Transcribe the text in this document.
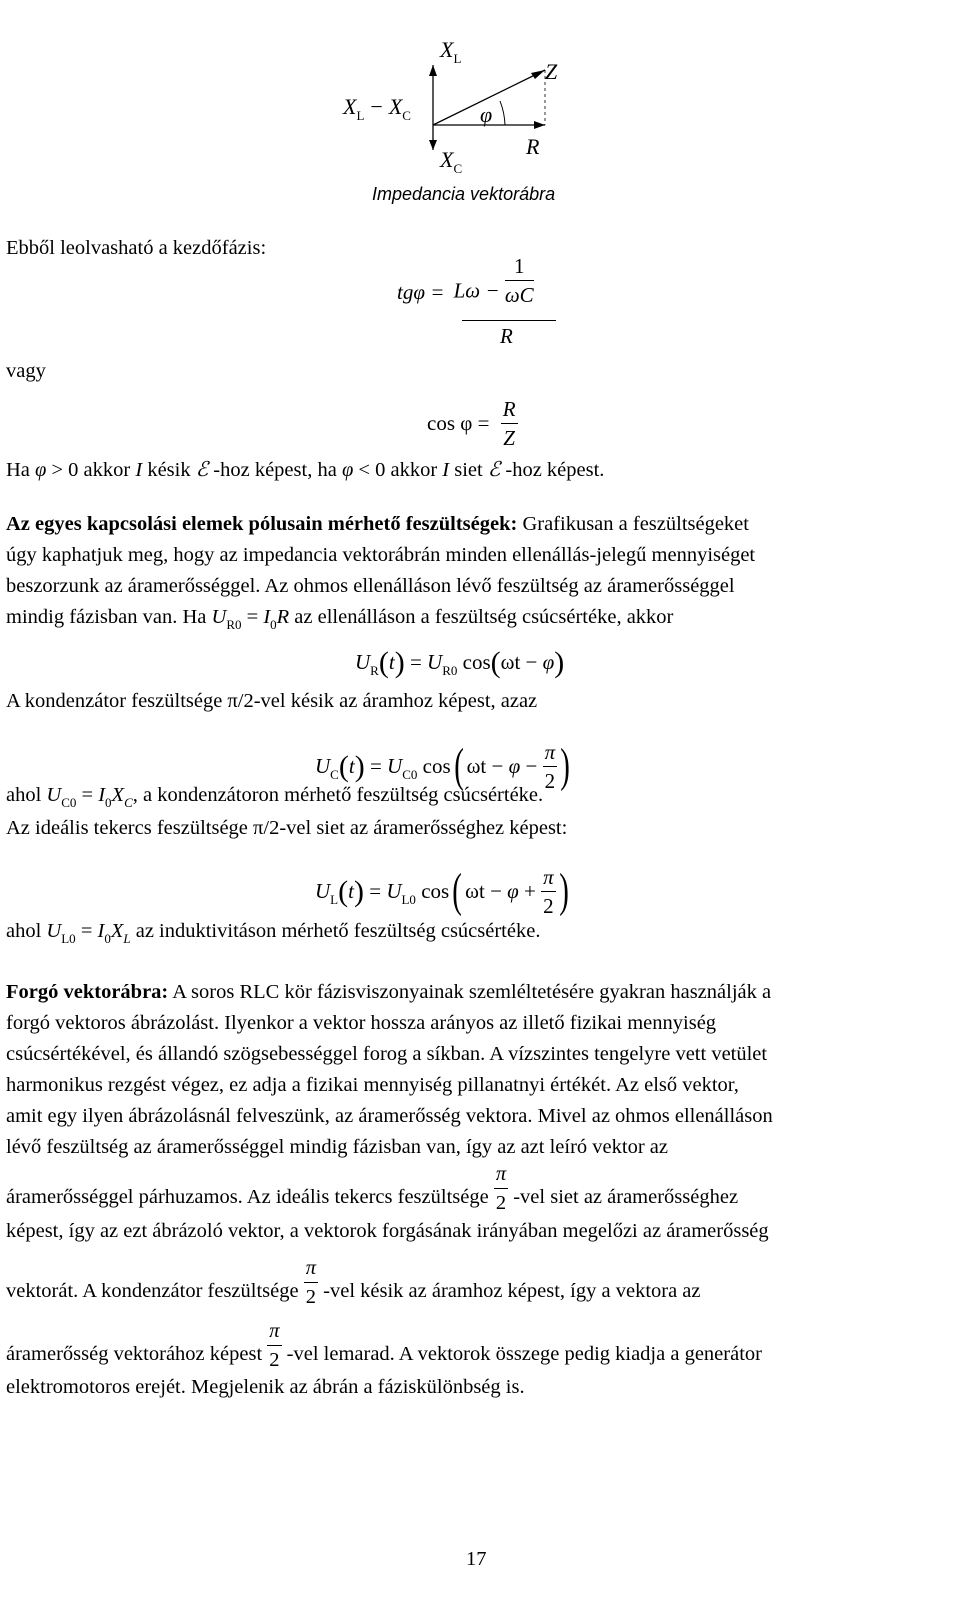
$X_L$
Z
$X_L - X_C$	φ
R
$X_C$
Impedancia vektorábra
Ebből leolvasható a kezdőfázis:
$tg\varphi = L\omega - \frac{1}{\omega C}$
R
vagy
$\cos \varphi = \frac{R}{Z}$
Ha φ > 0 akkor I késik ℰ -hoz képest, ha φ < 0 akkor I siet ℰ -hoz képest.
Az egyes kapcsolási elemek pólusain mérhető feszültségek: Grafikusan a feszültségeket
úgy kaphatjuk meg, hogy az impedancia vektorábrán minden ellenállás-jelegű mennyiséget
beszorzunk az áramerősséggel. Az ohmos ellenálláson lévő feszültség az áramerősséggel
mindig fázisban van. Ha $U_{R0} = I_0R$ az ellenálláson a feszültség csúcsértéke, akkor
$U_R(t) = U_{R0}$ cos(ωt − φ)
A kondenzátor feszültsége π/2-vel késik az áramhoz képest, azaz
$U_C(t) = U_{C0}$ cos( $\omega t - \varphi - \frac{\pi}{2}$ )
ahol $U_{C0} = I_0X_C$, a kondenzátoron mérhető feszültség csúcsértéke.
Az ideális tekercs feszültsége π/2-vel siet az áramerősséghez képest:
$U_L(t) = U_{L0}$ cos( $\omega t - \varphi + \frac{\pi}{2}$ )
ahol $U_{L0} = I_0X_L$ az induktivitáson mérhető feszültség csúcsértéke.
Forgó vektorábra: A soros RLC kör fázisviszonyainak szemléltetésére gyakran használják a
forgó vektoros ábrázolást. Ilyenkor a vektor hossza arányos az illető fizikai mennyiség
csúcsértékével, és állandó szögsebességgel forog a síkban. A vízszintes tengelyre vett vetület
harmonikus rezgést végez, ez adja a fizikai mennyiség pillanatnyi értékét. Az első vektor,
amit egy ilyen ábrázolásnál felveszünk, az áramerősség vektora. Mivel az ohmos ellenálláson
lévő feszültség az áramerősséggel mindig fázisban van, így az azt leíró vektor az
áramerősséggel párhuzamos. Az ideális tekercs feszültsége $\frac{\pi}{2} -vel$ siet az áramerősséghez
képest, így az ezt ábrázoló vektor, a vektorok forgásának irányában megelőzi az áramerősség
vektorát. A kondenzátor feszültsége $\frac{\pi}{2} -vel$ késik az áramhoz képest, így a vektora az
áramerősség vektorához képest $\frac{\pi}{2} -vel$ lemarad. A vektorok összege pedig kiadja a generátor
elektromotoros erejét. Megjelenik az ábrán a fáziskülönbség is.
17
